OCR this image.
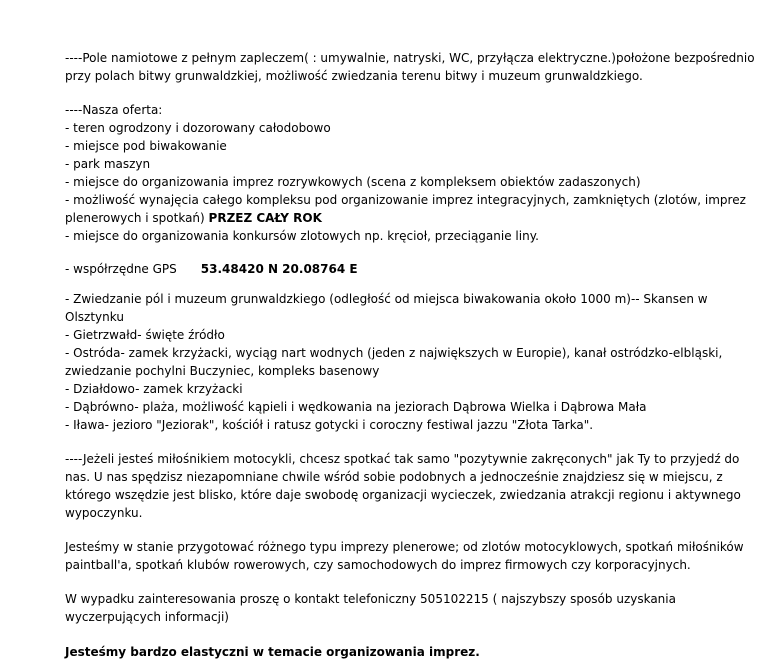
----Pole namiotowe z pełnym zapleczem( : umywalnie, natryski, WC, przyłącza elektryczne.)położone bezpośrednio przy polach bitwy grunwaldzkiej, możliwość zwiedzania terenu bitwy i muzeum grunwaldzkiego.

----Nasza oferta:
- teren ogrodzony i dozorowany całodobowo
- miejsce pod biwakowanie
- park maszyn
- miejsce do organizowania imprez rozrywkowych (scena z kompleksem obiektów zadaszonych)
- możliwość wynajęcia całego kompleksu pod organizowanie imprez integracyjnych, zamkniętych (zlotów, imprez plenerowych i spotkań) PRZEZ CAŁY ROK
- miejsce do organizowania konkursów zlotowych np. kręcioł, przeciąganie liny.

- współrzędne GPS 53.48420 N 20.08764 E

- Zwiedzanie pól i muzeum grunwaldzkiego (odległość od miejsca biwakowania około 1000 m)-- Skansen w Olsztynku
- Gietrzwałd- święte źródło
- Ostróda- zamek krzyżacki, wyciąg nart wodnych (jeden z największych w Europie), kanał ostródzko-elbląski, zwiedzanie pochylni Buczyniec, kompleks basenowy
- Działdowo- zamek krzyżacki
- Dąbrówno- plaża, możliwość kąpieli i wędkowania na jeziorach Dąbrowa Wielka i Dąbrowa Mała
- Iława- jezioro "Jeziorak", kościół i ratusz gotycki i coroczny festiwal jazzu "Złota Tarka".

----Jeżeli jesteś miłośnikiem motocykli, chcesz spotkać tak samo "pozytywnie zakręconych" jak Ty to przyjedź do nas. U nas spędzisz niezapomniane chwile wśród sobie podobnych a jednocześnie znajdziesz się w miejscu, z którego wszędzie jest blisko, które daje swobodę organizacji wycieczek, zwiedzania atrakcji regionu i aktywnego wypoczynku.

Jesteśmy w stanie przygotować różnego typu imprezy plenerowe; od zlotów motocyklowych, spotkań miłośników paintball'a, spotkań klubów rowerowych, czy samochodowych do imprez firmowych czy korporacyjnych.

W wypadku zainteresowania proszę o kontakt telefoniczny 505102215 ( najszybszy sposób uzyskania wyczerpujących informacji)

Jesteśmy bardzo elastyczni w temacie organizowania imprez.
